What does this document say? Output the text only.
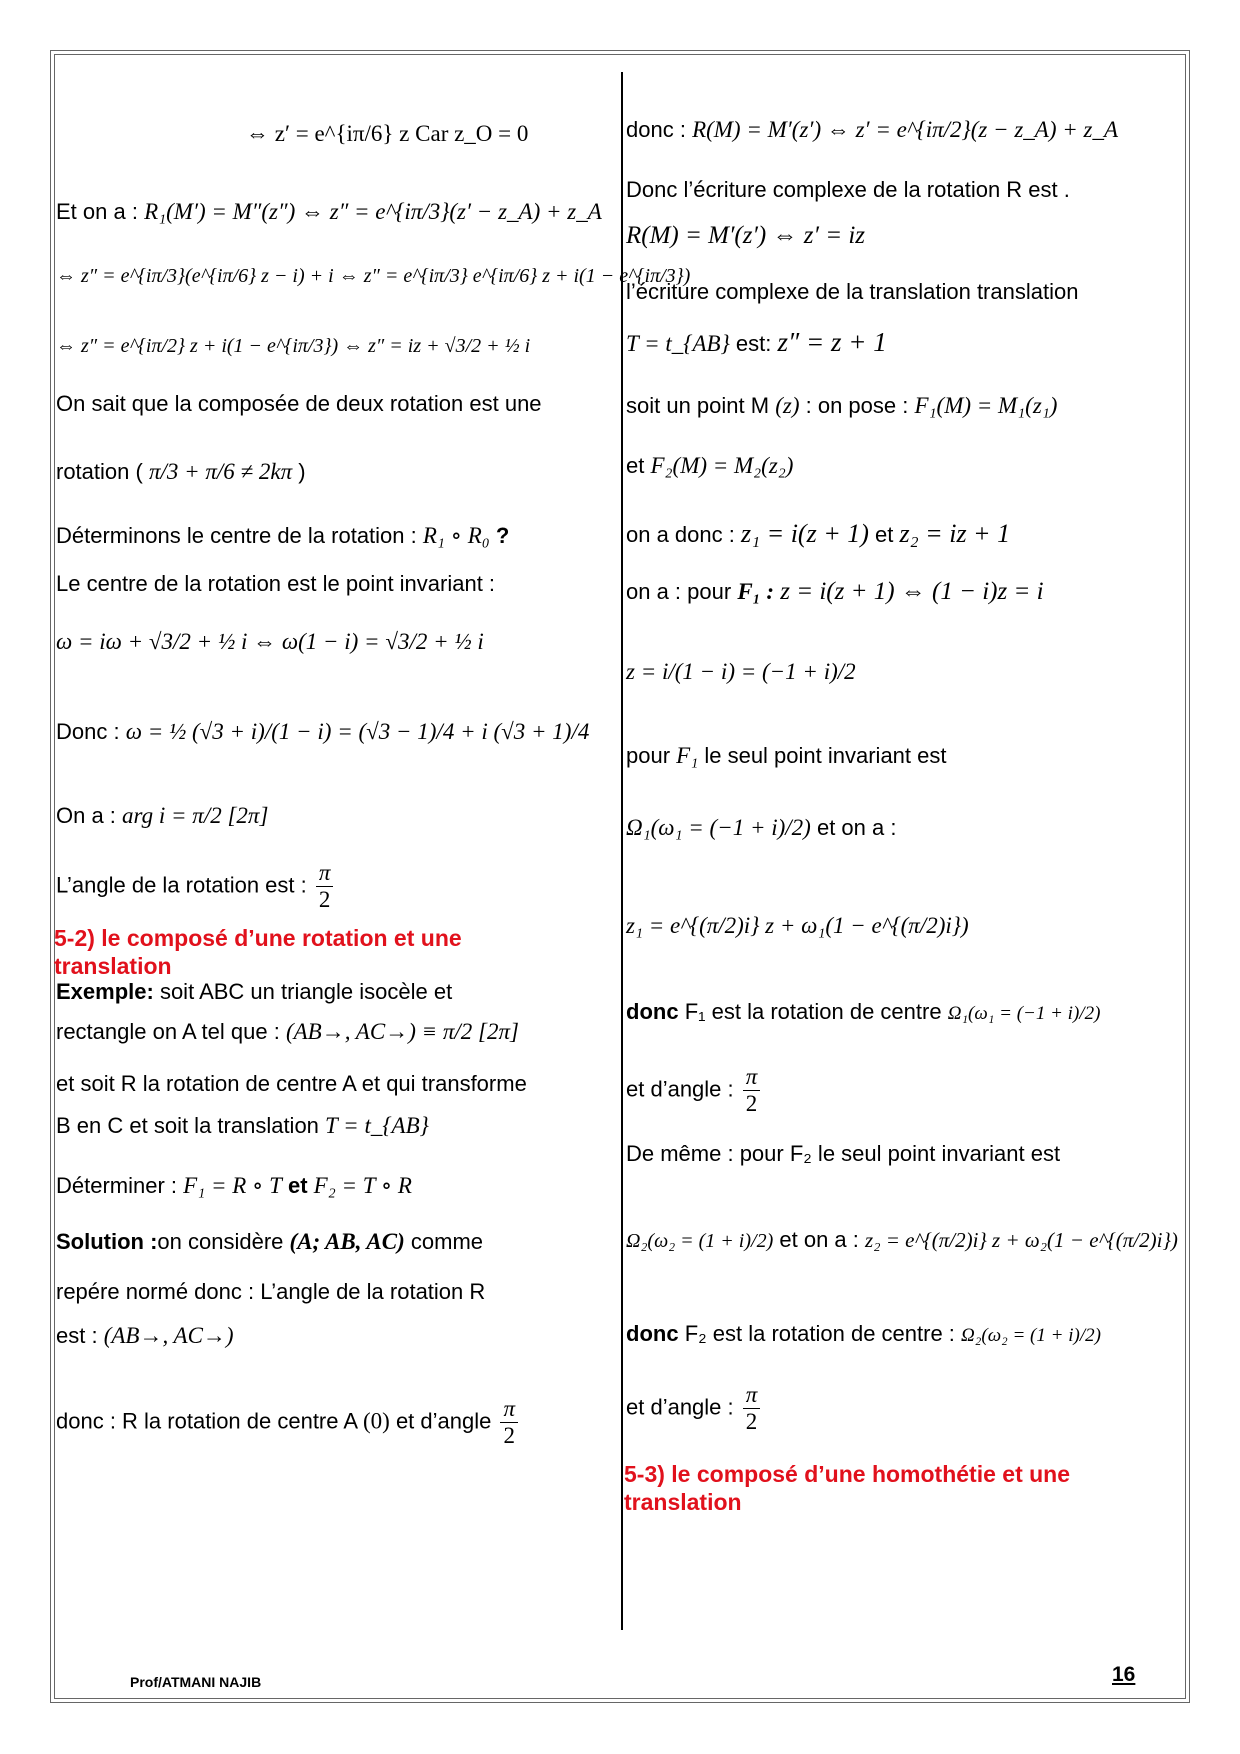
⇔ z′ = e^{iπ/6} z Car z_O = 0
Et on a : R₁(M′) = M″(z″) ⇔ z″ = e^{iπ/3}(z′ − z_A) + z_A
⇔ z″ = e^{iπ/3}(e^{iπ/6} z − i) + i ⇔ z″ = e^{iπ/3} e^{iπ/6} z + i(1 − e^{iπ/3})
⇔ z″ = e^{iπ/2} z + i(1 − e^{iπ/3}) ⇔ z″ = iz + √3/2 + ½ i
On sait que la composée de deux rotation est une
rotation ( π/3 + π/6 ≠ 2kπ )
Déterminons le centre de la rotation : R₁ ∘ R₀ ?
Le centre de la rotation est le point invariant :
ω = iω + √3/2 + ½ i ⇔ ω(1 − i) = √3/2 + ½ i
Donc : ω = ½ (√3 + i)/(1 − i) = (√3 − 1)/4 + i (√3 + 1)/4
On a : arg i = π/2 [2π]
L’angle de la rotation est : $\frac{\pi}{2}$
5-2) le composé d’une rotation et une
translation
Exemple: soit ABC un triangle isocèle et
rectangle on A tel que : (AB→, AC→) ≡ π/2 [2π]
et soit R la rotation de centre A et qui transforme
B en C et soit la translation T = t_{AB}
Déterminer : F₁ = R ∘ T et F₂ = T ∘ R
Solution :on considère (A; AB, AC) comme
repére normé donc : L’angle de la rotation R
est : (AB→, AC→)
donc : R la rotation de centre A (0) et d’angle $\frac{\pi}{2}$
donc : R(M) = M′(z′) ⇔ z′ = e^{iπ/2}(z − z_A) + z_A
Donc l’écriture complexe de la rotation R est .
R(M) = M′(z′) ⇔ z′ = iz
l’écriture complexe de la translation translation
T = t_{AB} est: z″ = z + 1
soit un point M (z) : on pose : F₁(M) = M₁(z₁)
et F₂(M) = M₂(z₂)
on a donc : z₁ = i(z + 1) et z₂ = iz + 1
on a : pour F₁ : z = i(z + 1) ⇔ (1 − i)z = i
z = i/(1 − i) = (−1 + i)/2
pour F₁ le seul point invariant est
Ω₁(ω₁ = (−1 + i)/2) et on a :
z₁ = e^{(π/2)i} z + ω₁(1 − e^{(π/2)i})
donc F₁ est la rotation de centre Ω₁(ω₁ = (−1 + i)/2)
et d’angle : $\frac{\pi}{2}$
De même : pour F₂ le seul point invariant est
Ω₂(ω₂ = (1 + i)/2) et on a : z₂ = e^{(π/2)i} z + ω₂(1 − e^{(π/2)i})
donc F₂ est la rotation de centre : Ω₂(ω₂ = (1 + i)/2)
et d’angle : $\frac{\pi}{2}$
5-3) le composé d’une homothétie et une
translation
Prof/ATMANI NAJIB	16
